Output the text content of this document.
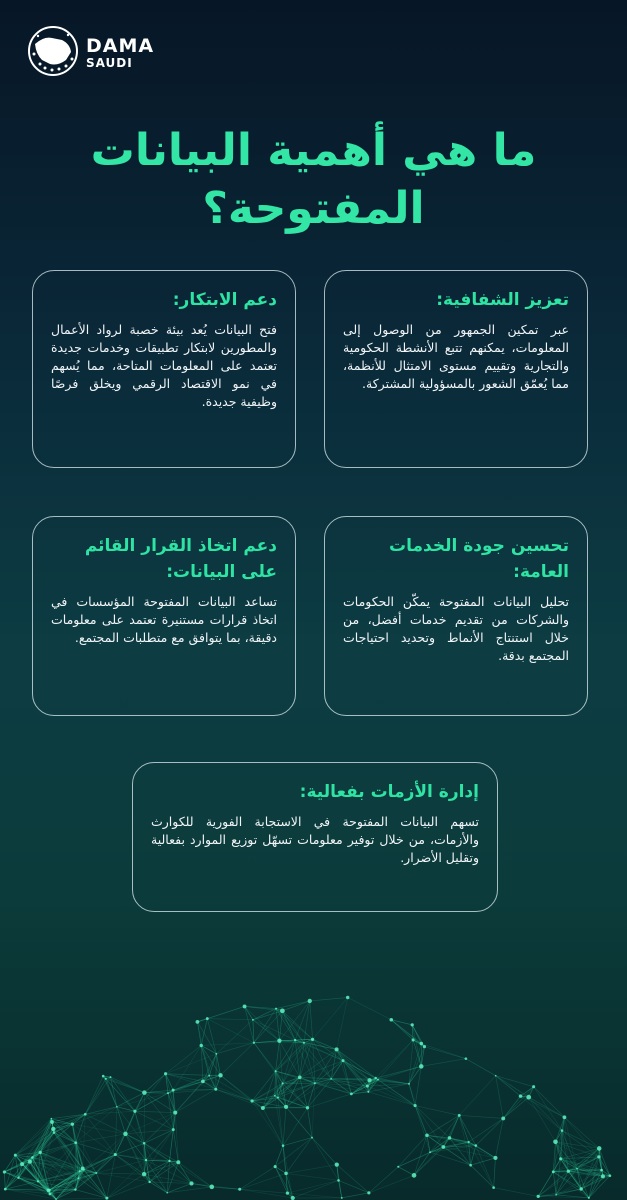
DAMA
SAUDI
ما هي أهمية البيانات المفتوحة؟

تعزيز الشفافية:

عبر تمكين الجمهور من الوصول إلى المعلومات، يمكنهم تتبع الأنشطة الحكومية والتجارية وتقييم مستوى الامتثال للأنظمة، مما يُعمّق الشعور بالمسؤولية المشتركة.

دعم الابتكار:

فتح البيانات يُعد بيئة خصبة لرواد الأعمال والمطورين لابتكار تطبيقات وخدمات جديدة تعتمد على المعلومات المتاحة، مما يُسهم في نمو الاقتصاد الرقمي ويخلق فرصًا وظيفية جديدة.

تحسين جودة الخدمات العامة:

تحليل البيانات المفتوحة يمكّن الحكومات والشركات من تقديم خدمات أفضل، من خلال استنتاج الأنماط وتحديد احتياجات المجتمع بدقة.

دعم اتخاذ القرار القائم على البيانات:

تساعد البيانات المفتوحة المؤسسات في اتخاذ قرارات مستنيرة تعتمد على معلومات دقيقة، بما يتوافق مع متطلبات المجتمع.

إدارة الأزمات بفعالية:

تسهم البيانات المفتوحة في الاستجابة الفورية للكوارث والأزمات، من خلال توفير معلومات تسهّل توزيع الموارد بفعالية وتقليل الأضرار.
